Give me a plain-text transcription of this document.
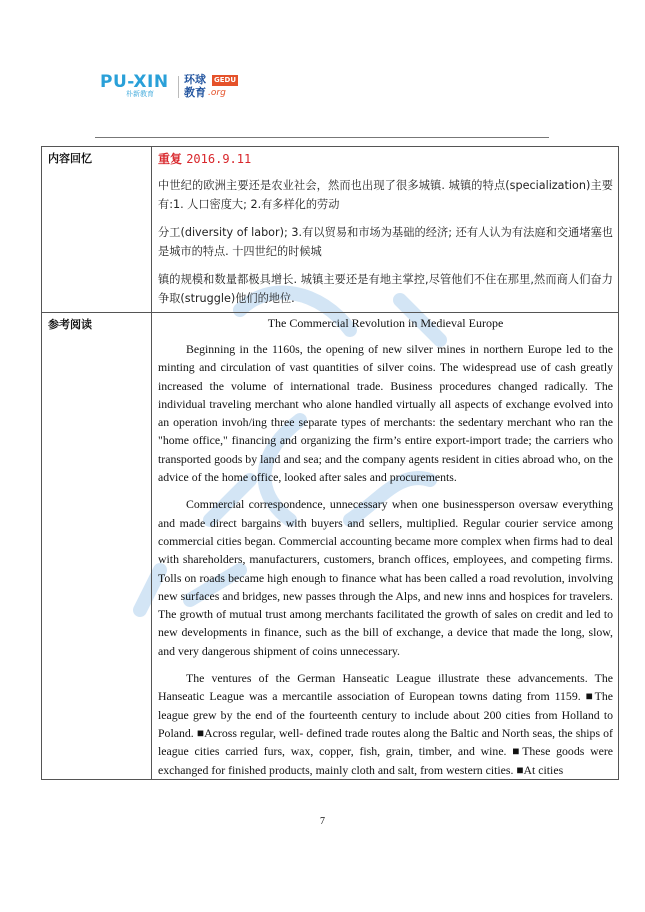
PU-XIN
朴新教育
环球 GEDU
教育 .org
内容回忆	重复 2016.9.11

中世纪的欧洲主要还是农业社会，然而也出现了很多城镇. 城镇的特点(specialization)主要有:1. 人口密度大; 2.有多样化的劳动

分工(diversity of labor); 3.有以贸易和市场为基础的经济; 还有人认为有法庭和交通堵塞也是城市的特点. 十四世纪的时候城

镇的规模和数量都极具增长. 城镇主要还是有地主掌控,尽管他们不住在那里,然而商人们奋力争取(struggle)他们的地位.

参考阅读	The Commercial Revolution in Medieval Europe

Beginning in the 1160s, the opening of new silver mines in northern Europe led to the minting and circulation of vast quantities of silver coins. The widespread use of cash greatly increased the volume of international trade. Business procedures changed radically. The individual traveling merchant who alone handled virtually all aspects of exchange evolved into an operation invoh/ing three separate types of merchants: the sedentary merchant who ran the "home office," financing and organizing the firm’s entire export-import trade; the carriers who transported goods by land and sea; and the company agents resident in cities abroad who, on the advice of the home office, looked after sales and procurements.

Commercial correspondence, unnecessary when one businessperson oversaw everything and made direct bargains with buyers and sellers, multiplied. Regular courier service among commercial cities began. Commercial accounting became more complex when firms had to deal with shareholders, manufacturers, customers, branch offices, employees, and competing firms. Tolls on roads became high enough to finance what has been called a road revolution, involving new surfaces and bridges, new passes through the Alps, and new inns and hospices for travelers. The growth of mutual trust among merchants facilitated the growth of sales on credit and led to new developments in finance, such as the bill of exchange, a device that made the long, slow, and very dangerous shipment of coins unnecessary.

The ventures of the German Hanseatic League illustrate these advancements. The Hanseatic League was a mercantile association of European towns dating from 1159. ■The league grew by the end of the fourteenth century to include about 200 cities from Holland to Poland. ■Across regular, well- defined trade routes along the Baltic and North seas, the ships of league cities carried furs, wax, copper, fish, grain, timber, and wine. ■These goods were exchanged for finished products, mainly cloth and salt, from western cities. ■At cities

7
